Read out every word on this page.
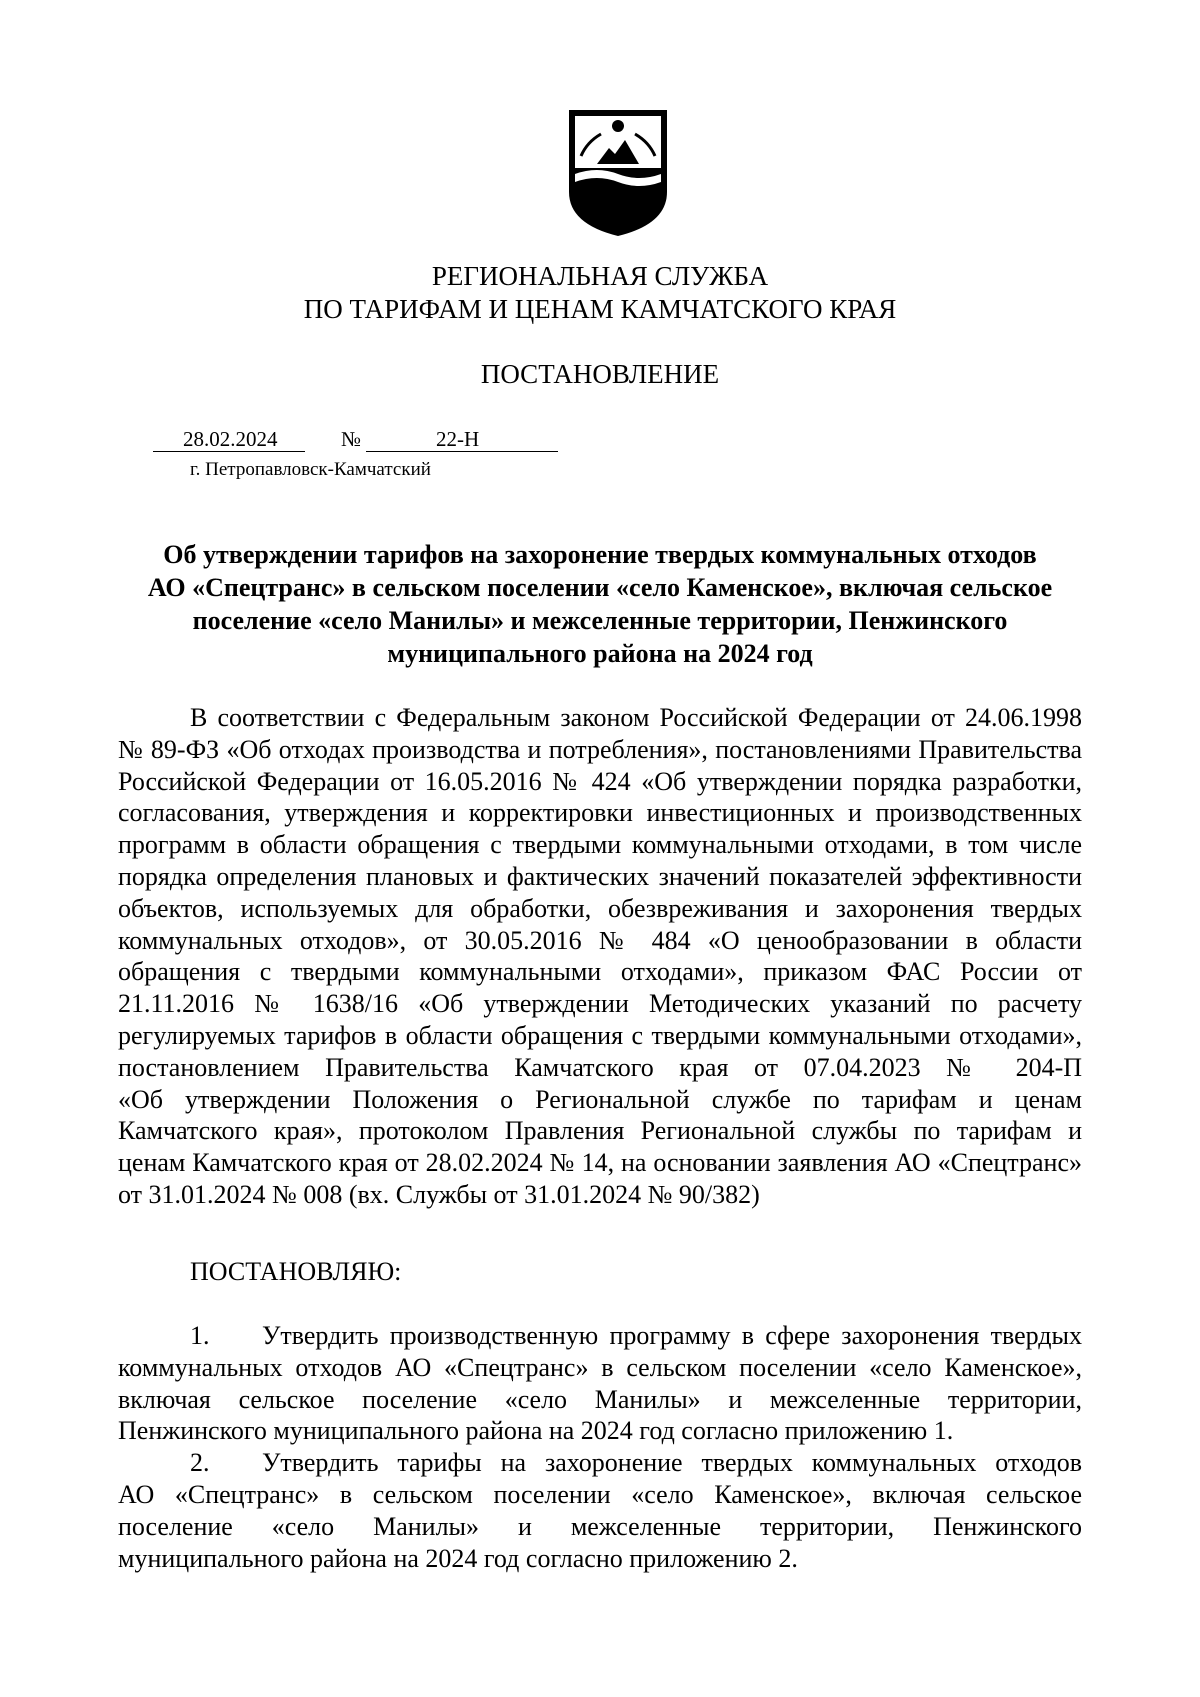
РЕГИОНАЛЬНАЯ СЛУЖБА
ПО ТАРИФАМ И ЦЕНАМ КАМЧАТСКОГО КРАЯ
ПОСТАНОВЛЕНИЕ
28.02.2024	№	22-Н
г. Петропавловск-Камчатский
Об утверждении тарифов на захоронение твердых коммунальных отходов
АО «Спецтранс» в сельском поселении «село Каменское», включая сельское
поселение «село Манилы» и межселенные территории, Пенжинского
муниципального района на 2024 год
В соответствии с Федеральным законом Российской Федерации от 24.06.1998
№ 89-ФЗ «Об отходах производства и потребления», постановлениями Правительства
Российской Федерации от 16.05.2016 № 424 «Об утверждении порядка разработки,
согласования, утверждения и корректировки инвестиционных и производственных
программ в области обращения с твердыми коммунальными отходами, в том числе
порядка определения плановых и фактических значений показателей эффективности
объектов, используемых для обработки, обезвреживания и захоронения твердых
коммунальных отходов», от 30.05.2016 № 484 «О ценообразовании в области
обращения с твердыми коммунальными отходами», приказом ФАС России от
21.11.2016 № 1638/16 «Об утверждении Методических указаний по расчету
регулируемых тарифов в области обращения с твердыми коммунальными отходами»,
постановлением Правительства Камчатского края от 07.04.2023 № 204-П
«Об утверждении Положения о Региональной службе по тарифам и ценам
Камчатского края», протоколом Правления Региональной службы по тарифам и
ценам Камчатского края от 28.02.2024 № 14, на основании заявления АО «Спецтранс»
от 31.01.2024 № 008 (вх. Службы от 31.01.2024 № 90/382)
ПОСТАНОВЛЯЮ:
1. Утвердить производственную программу в сфере захоронения твердых
коммунальных отходов АО «Спецтранс» в сельском поселении «село Каменское»,
включая сельское поселение «село Манилы» и межселенные территории,
Пенжинского муниципального района на 2024 год согласно приложению 1.
2. Утвердить тарифы на захоронение твердых коммунальных отходов
АО «Спецтранс» в сельском поселении «село Каменское», включая сельское
поселение «село Манилы» и межселенные территории, Пенжинского
муниципального района на 2024 год согласно приложению 2.
